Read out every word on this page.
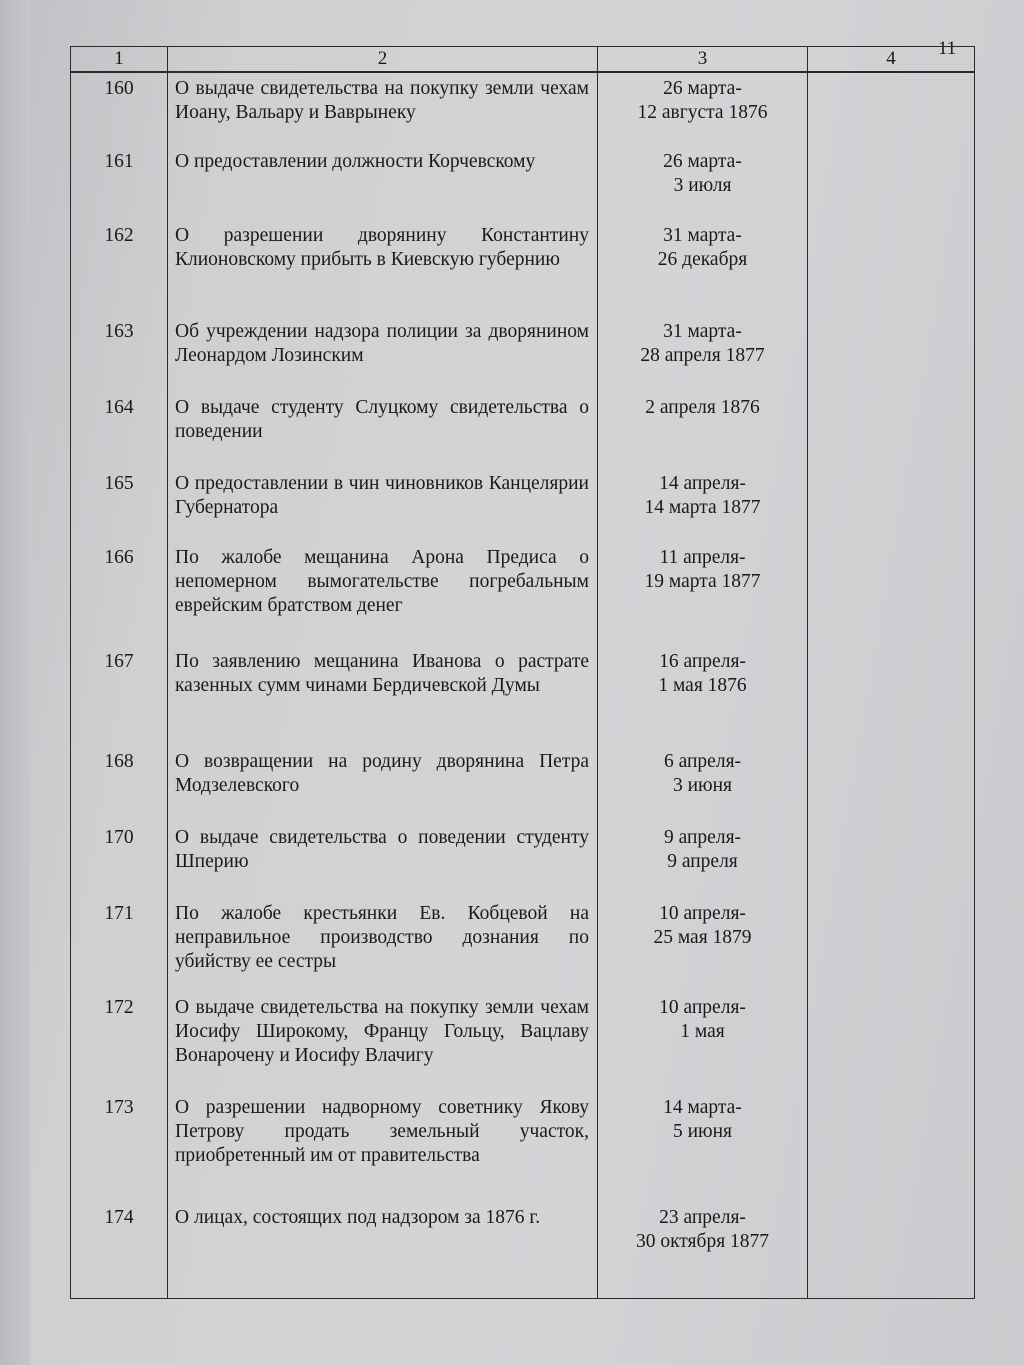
11
1	2	3	4
160	О выдаче свидетельства на покупку земли чехам Иоану, Вальару и Ваврынеку	26 марта-
12 августа 1876	

161	О предоставлении должности Корчевскому	26 марта-
3 июля	

162	О разрешении дворянину Константину Клионовскому прибыть в Киевскую губернию	31 марта-
26 декабря	

163	Об учреждении надзора полиции за дворянином Леонардом Лозинским	31 марта-
28 апреля 1877	

164	О выдаче студенту Слуцкому свидетельства о поведении	2 апреля 1876	

165	О предоставлении в чин чиновников Канцелярии Губернатора	14 апреля-
14 марта 1877	

166	По жалобе мещанина Арона Предиса о непомерном вымогательстве погребальным еврейским братством денег	11 апреля-
19 марта 1877	

167	По заявлению мещанина Иванова о растрате казенных сумм чинами Бердичевской Думы	16 апреля-
1 мая 1876	

168	О возвращении на родину дворянина Петра Модзелевского	6 апреля-
3 июня	

170	О выдаче свидетельства о поведении студенту Шперию	9 апреля-
9 апреля	

171	По жалобе крестьянки Ев. Кобцевой на неправильное производство дознания по убийству ее сестры	10 апреля-
25 мая 1879	

172	О выдаче свидетельства на покупку земли чехам Иосифу Широкому, Францу Гольцу, Вацлаву Вонарочену и Иосифу Влачигу	10 апреля-
1 мая	

173	О разрешении надворному советнику Якову Петрову продать земельный участок, приобретенный им от правительства	14 марта-
5 июня	

174	О лицах, состоящих под надзором за 1876 г.	23 апреля-
30 октября 1877	
